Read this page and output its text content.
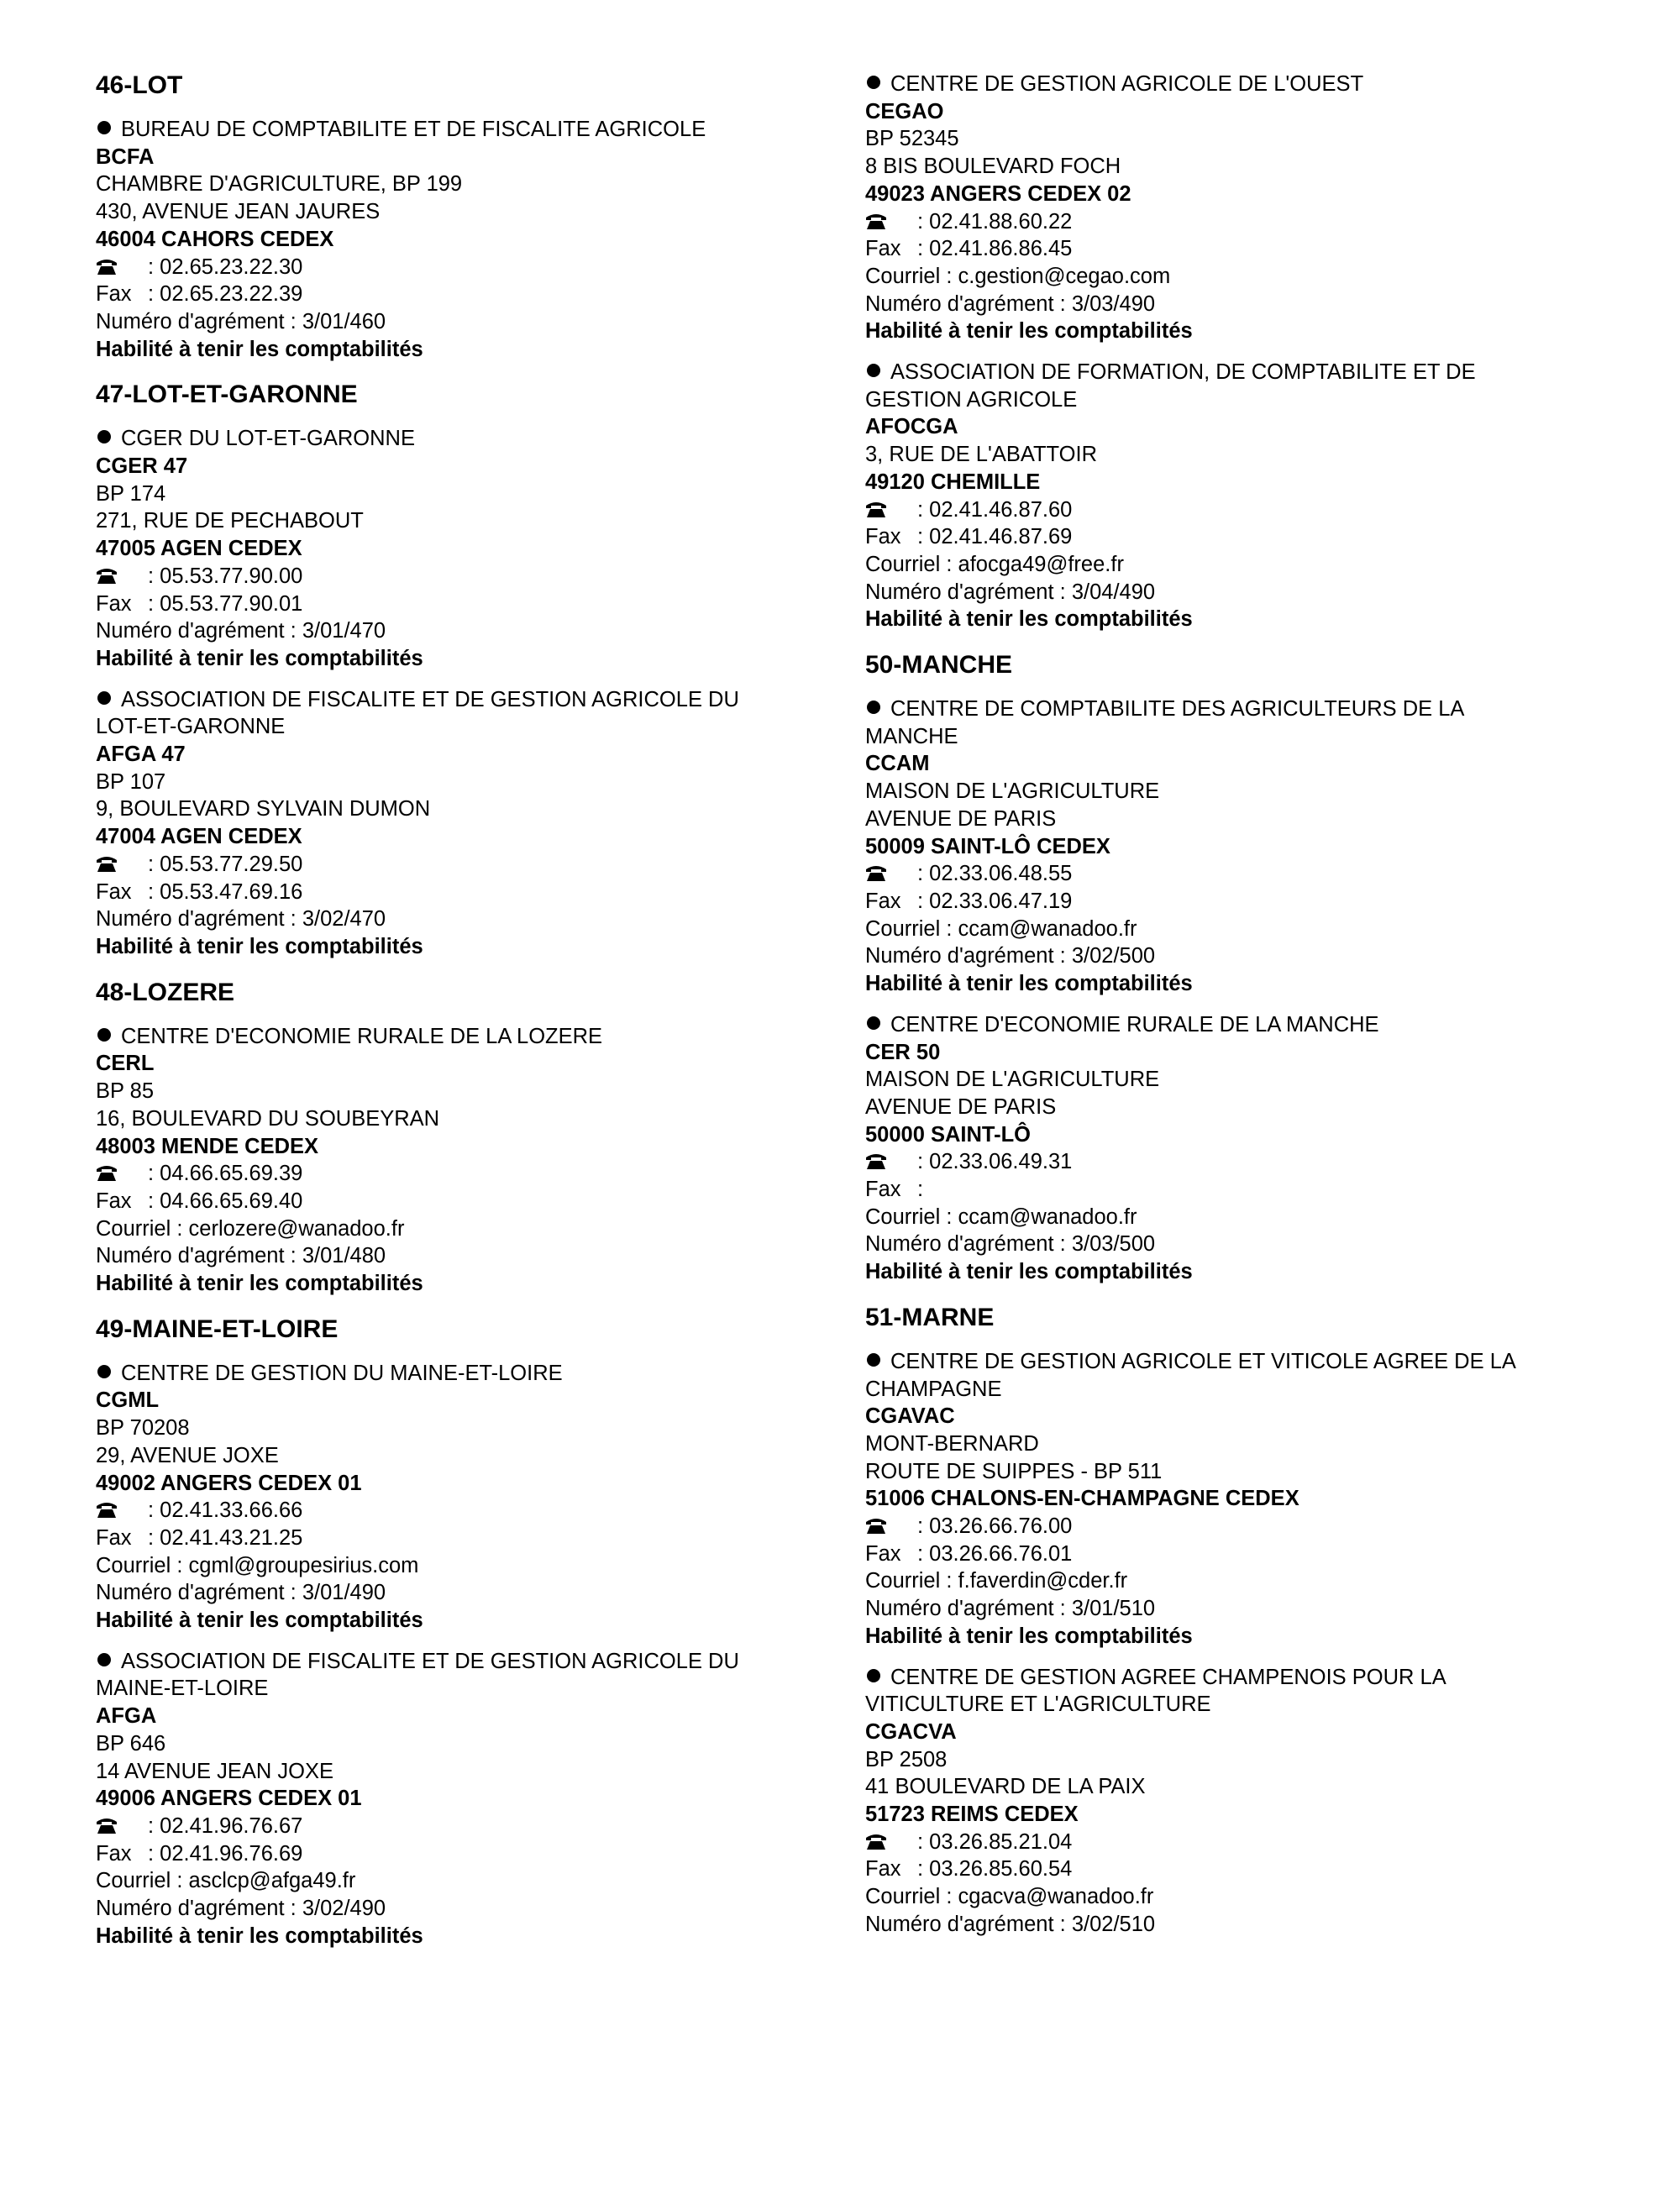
46-LOT
BUREAU DE COMPTABILITE ET DE FISCALITE AGRICOLE
BCFA
CHAMBRE D'AGRICULTURE, BP 199
430, AVENUE JEAN JAURES
46004 CAHORS CEDEX
: 02.65.23.22.30
Fax : 02.65.23.22.39
Numéro d'agrément : 3/01/460
Habilité à tenir les comptabilités
47-LOT-ET-GARONNE
CGER DU LOT-ET-GARONNE
CGER 47
BP 174
271, RUE DE PECHABOUT
47005 AGEN CEDEX
: 05.53.77.90.00
Fax : 05.53.77.90.01
Numéro d'agrément : 3/01/470
Habilité à tenir les comptabilités
ASSOCIATION DE FISCALITE ET DE GESTION AGRICOLE DU
LOT-ET-GARONNE
AFGA 47
BP 107
9, BOULEVARD SYLVAIN DUMON
47004 AGEN CEDEX
: 05.53.77.29.50
Fax : 05.53.47.69.16
Numéro d'agrément : 3/02/470
Habilité à tenir les comptabilités
48-LOZERE
CENTRE D'ECONOMIE RURALE DE LA LOZERE
CERL
BP 85
16, BOULEVARD DU SOUBEYRAN
48003 MENDE CEDEX
: 04.66.65.69.39
Fax : 04.66.65.69.40
Courriel : cerlozere@wanadoo.fr
Numéro d'agrément : 3/01/480
Habilité à tenir les comptabilités
49-MAINE-ET-LOIRE
CENTRE DE GESTION DU MAINE-ET-LOIRE
CGML
BP 70208
29, AVENUE JOXE
49002 ANGERS CEDEX 01
: 02.41.33.66.66
Fax : 02.41.43.21.25
Courriel : cgml@groupesirius.com
Numéro d'agrément : 3/01/490
Habilité à tenir les comptabilités
ASSOCIATION DE FISCALITE ET DE GESTION AGRICOLE DU
MAINE-ET-LOIRE
AFGA
BP 646
14 AVENUE JEAN JOXE
49006 ANGERS CEDEX 01
: 02.41.96.76.67
Fax : 02.41.96.76.69
Courriel : asclcp@afga49.fr
Numéro d'agrément : 3/02/490
Habilité à tenir les comptabilités
CENTRE DE GESTION AGRICOLE DE L'OUEST
CEGAO
BP 52345
8 BIS BOULEVARD FOCH
49023 ANGERS CEDEX 02
: 02.41.88.60.22
Fax : 02.41.86.86.45
Courriel : c.gestion@cegao.com
Numéro d'agrément : 3/03/490
Habilité à tenir les comptabilités
ASSOCIATION DE FORMATION, DE COMPTABILITE ET DE
GESTION AGRICOLE
AFOCGA
3, RUE DE L'ABATTOIR
49120 CHEMILLE
: 02.41.46.87.60
Fax : 02.41.46.87.69
Courriel : afocga49@free.fr
Numéro d'agrément : 3/04/490
Habilité à tenir les comptabilités
50-MANCHE
CENTRE DE COMPTABILITE DES AGRICULTEURS DE LA
MANCHE
CCAM
MAISON DE L'AGRICULTURE
AVENUE DE PARIS
50009 SAINT-LÔ CEDEX
: 02.33.06.48.55
Fax : 02.33.06.47.19
Courriel : ccam@wanadoo.fr
Numéro d'agrément : 3/02/500
Habilité à tenir les comptabilités
CENTRE D'ECONOMIE RURALE DE LA MANCHE
CER 50
MAISON DE L'AGRICULTURE
AVENUE DE PARIS
50000 SAINT-LÔ
: 02.33.06.49.31
Fax :
Courriel : ccam@wanadoo.fr
Numéro d'agrément : 3/03/500
Habilité à tenir les comptabilités
51-MARNE
CENTRE DE GESTION AGRICOLE ET VITICOLE AGREE DE LA
CHAMPAGNE
CGAVAC
MONT-BERNARD
ROUTE DE SUIPPES - BP 511
51006 CHALONS-EN-CHAMPAGNE CEDEX
: 03.26.66.76.00
Fax : 03.26.66.76.01
Courriel : f.faverdin@cder.fr
Numéro d'agrément : 3/01/510
Habilité à tenir les comptabilités
CENTRE DE GESTION AGREE CHAMPENOIS POUR LA
VITICULTURE ET L'AGRICULTURE
CGACVA
BP 2508
41 BOULEVARD DE LA PAIX
51723 REIMS CEDEX
: 03.26.85.21.04
Fax : 03.26.85.60.54
Courriel : cgacva@wanadoo.fr
Numéro d'agrément : 3/02/510
